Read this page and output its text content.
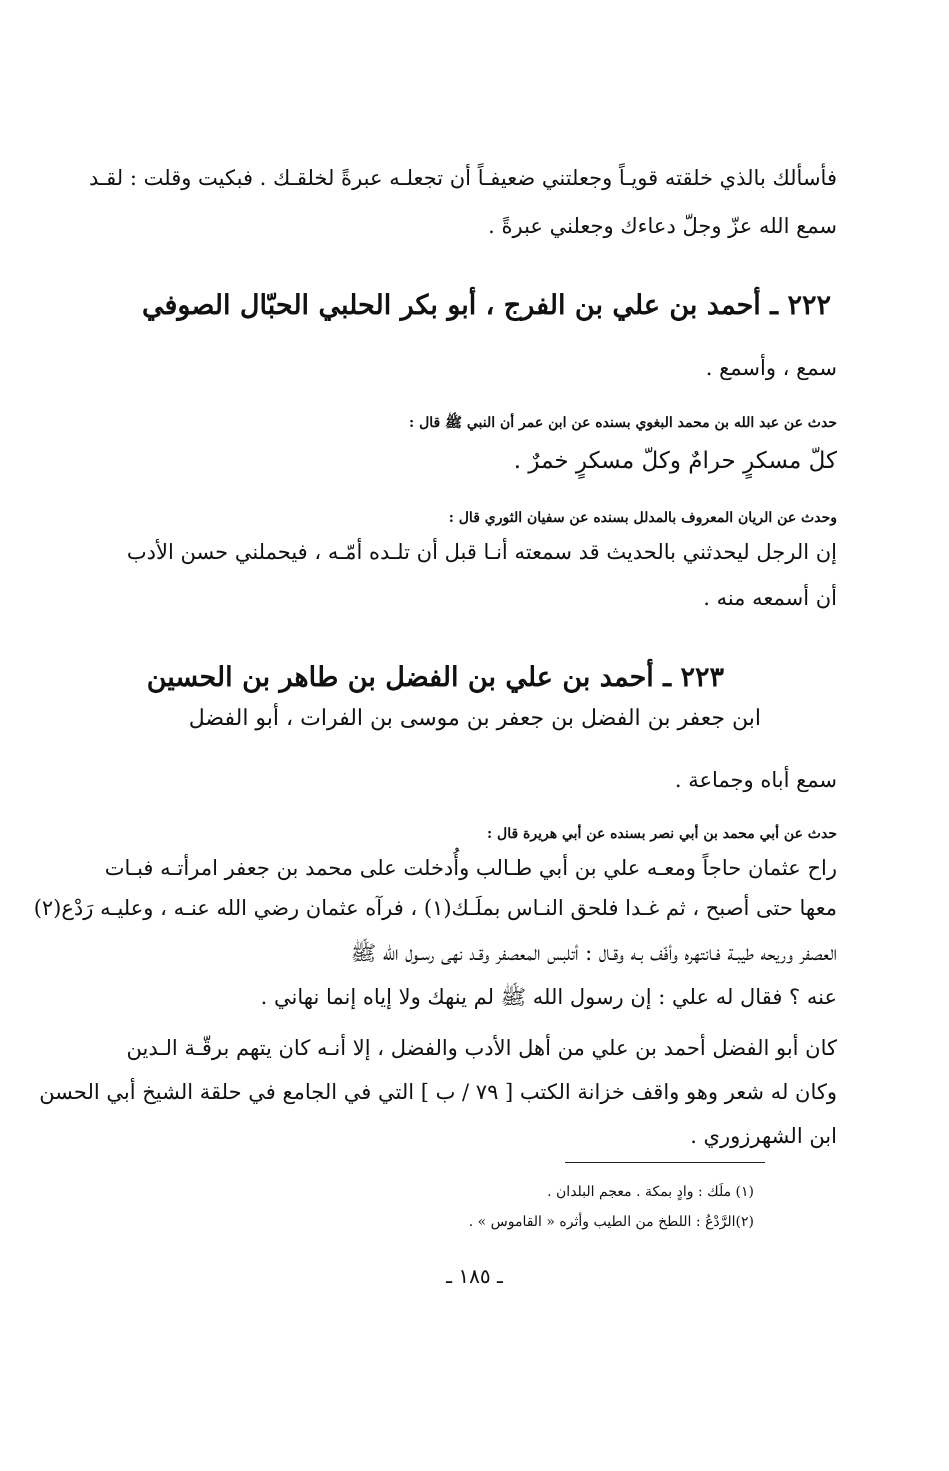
فأسألك بالذي خلقته قويـاً وجعلتني ضعيفـاً أن تجعلـه عبرةً لخلقـك . فبكيت وقلت : لقـد
سمع الله عزّ وجلّ دعاءك وجعلني عبرةً .
٢٢٢ ـ أحمد بن علي بن الفرج ، أبو بكر الحلبي الحبّال الصوفي
سمع ، وأسمع .
حدث عن عبد الله بن محمد البغوي بسنده عن ابن عمر أن النبي ﷺ قال :
كلّ مسكرٍ حرامٌ وكلّ مسكرٍ خمرٌ .
وحدث عن الريان المعروف بالمدلل بسنده عن سفيان الثوري قال :
إن الرجل ليحدثني بالحديث قد سمعته أنـا قبل أن تلـده أمّـه ، فيحملني حسن الأدب
أن أسمعه منه .
٢٢٣ ـ أحمد بن علي بن الفضل بن طاهر بن الحسين
ابن جعفر بن الفضل بن جعفر بن موسى بن الفرات ، أبو الفضل
سمع أباه وجماعة .
حدث عن أبي محمد بن أبي نصر بسنده عن أبي هريرة قال :
راح عثمان حاجاً ومعـه علي بن أبي طـالب وأُدخلت على محمد بن جعفر امرأتـه فبـات
معها حتى أصبح ، ثم غـدا فلحق النـاس بملَـك(١) ، فرآه عثمان رضي الله عنـه ، وعليـه رَدْع(٢)
العصفر وريحه طيبـة فـانتهره وأفّف بـه وقـال : أتلبس المعصفر وقـد نهى رسـول الله ﷺ
عنه ؟ فقال له علي : إن رسول الله ﷺ لم ينهك ولا إياه إنما نهاني .
كان أبو الفضل أحمد بن علي من أهل الأدب والفضل ، إلا أنـه كان يتهم برقّـة الـدين
وكان له شعر وهو واقف خزانة الكتب [ ٧٩ / ب ] التي في الجامع في حلقة الشيخ أبي الحسن
ابن الشهرزوري .
(١) ملَك : وادٍ بمكة . معجم البلدان .
(٢)الرَّدْعُ : اللطخ من الطيب وأثره « القاموس » .
ـ ١٨٥ ـ
